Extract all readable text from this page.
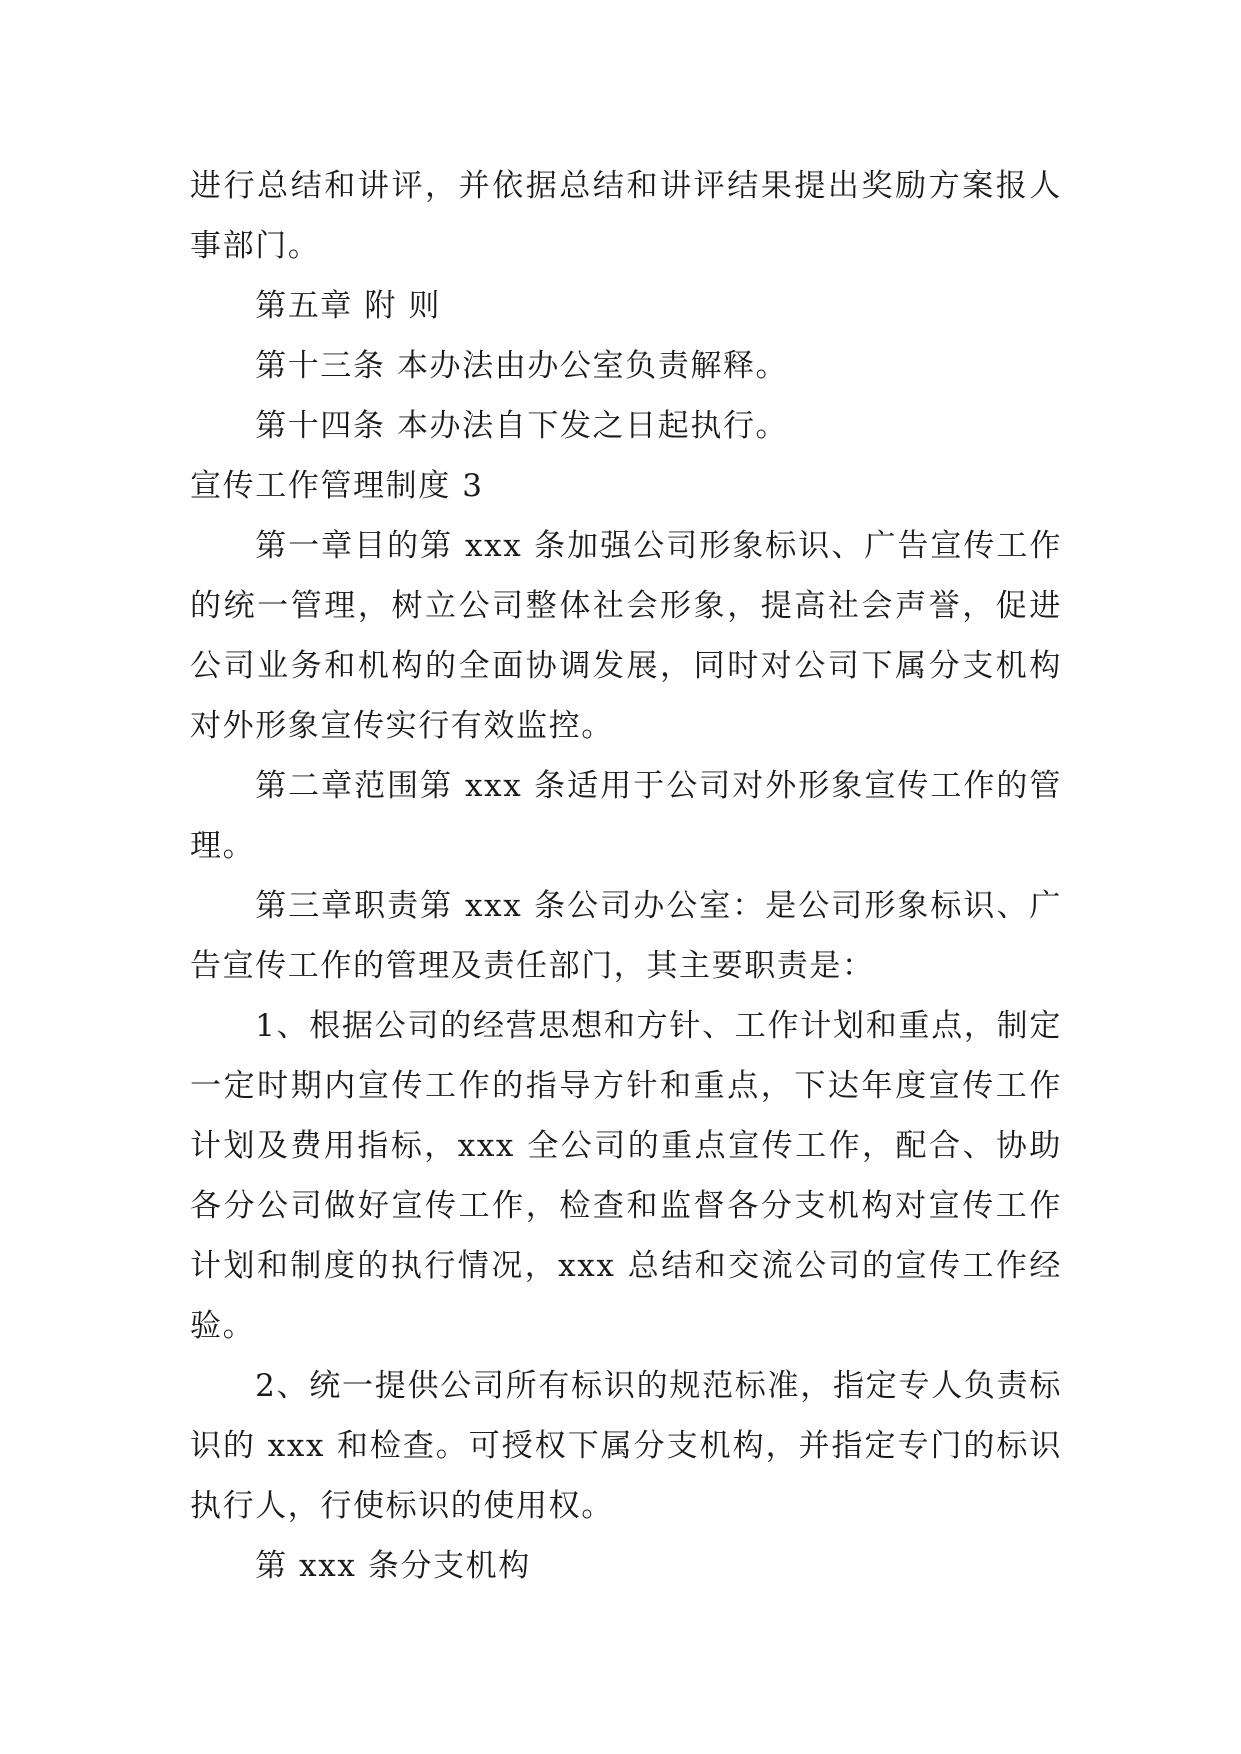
进行总结和讲评，并依据总结和讲评结果提出奖励方案报人事部门。

第五章 附 则

第十三条 本办法由办公室负责解释。

第十四条 本办法自下发之日起执行。

宣传工作管理制度 3

第一章目的第 xxx 条加强公司形象标识、广告宣传工作的统一管理，树立公司整体社会形象，提高社会声誉，促进公司业务和机构的全面协调发展，同时对公司下属分支机构对外形象宣传实行有效监控。

第二章范围第 xxx 条适用于公司对外形象宣传工作的管理。

第三章职责第 xxx 条公司办公室：是公司形象标识、广告宣传工作的管理及责任部门，其主要职责是：

1、根据公司的经营思想和方针、工作计划和重点，制定一定时期内宣传工作的指导方针和重点，下达年度宣传工作计划及费用指标，xxx 全公司的重点宣传工作，配合、协助各分公司做好宣传工作，检查和监督各分支机构对宣传工作计划和制度的执行情况，xxx 总结和交流公司的宣传工作经验。

2、统一提供公司所有标识的规范标准，指定专人负责标识的 xxx 和检查。可授权下属分支机构，并指定专门的标识执行人，行使标识的使用权。

第 xxx 条分支机构
